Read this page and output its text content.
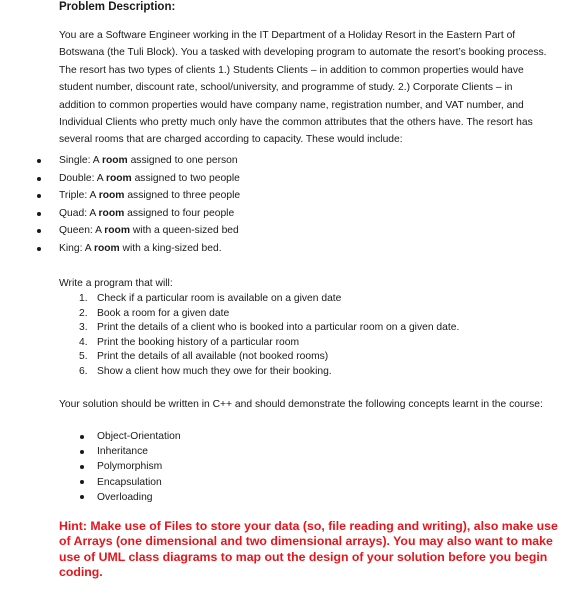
Problem Description:
You are a Software Engineer working in the IT Department of a Holiday Resort in the Eastern Part of Botswana (the Tuli Block). You a tasked with developing program to automate the resort’s booking process. The resort has two types of clients 1.) Students Clients – in addition to common properties would have student number, discount rate, school/university, and programme of study. 2.) Corporate Clients – in addition to common properties would have company name, registration number, and VAT number, and Individual Clients who pretty much only have the common attributes that the others have. The resort has several rooms that are charged according to capacity. These would include:
Single: A room assigned to one person
Double: A room assigned to two people
Triple: A room assigned to three people
Quad: A room assigned to four people
Queen: A room with a queen-sized bed
King: A room with a king-sized bed.
Write a program that will:
1. Check if a particular room is available on a given date
2. Book a room for a given date
3. Print the details of a client who is booked into a particular room on a given date.
4. Print the booking history of a particular room
5. Print the details of all available (not booked rooms)
6. Show a client how much they owe for their booking.
Your solution should be written in C++ and should demonstrate the following concepts learnt in the course:
Object-Orientation
Inheritance
Polymorphism
Encapsulation
Overloading
Hint: Make use of Files to store your data (so, file reading and writing), also make use of Arrays (one dimensional and two dimensional arrays). You may also want to make use of UML class diagrams to map out the design of your solution before you begin coding.
